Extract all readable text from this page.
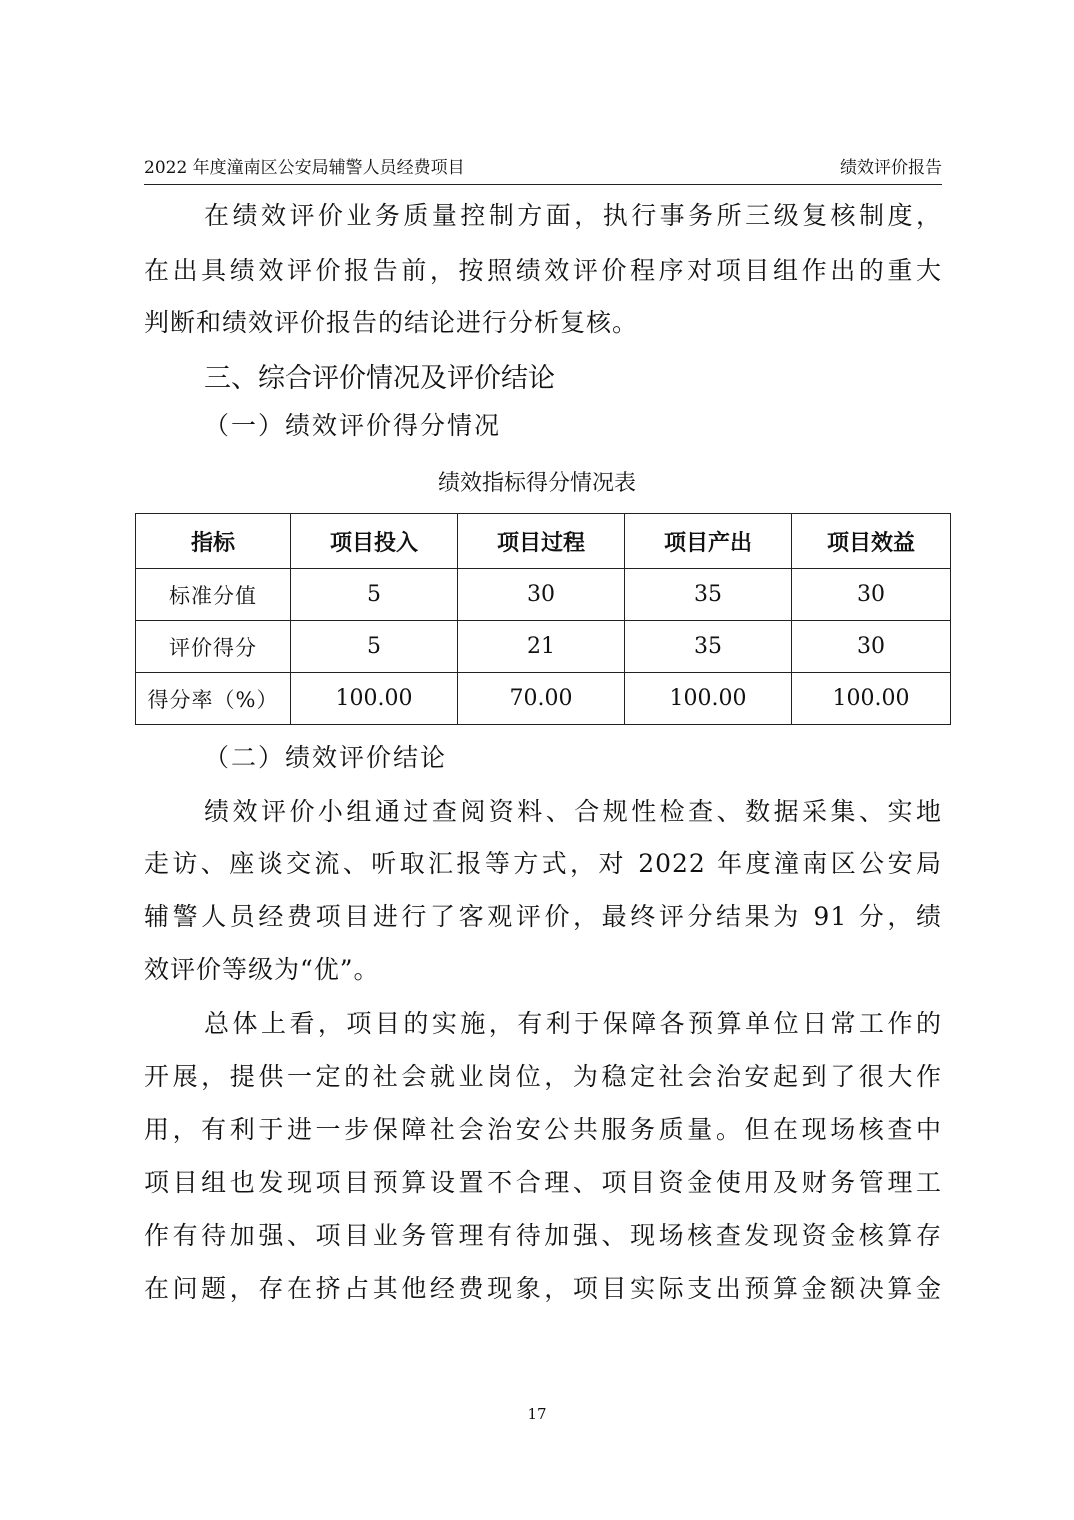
2022 年度潼南区公安局辅警人员经费项目	绩效评价报告
在绩效评价业务质量控制方面，执行事务所三级复核制度，
在出具绩效评价报告前，按照绩效评价程序对项目组作出的重大
判断和绩效评价报告的结论进行分析复核。
三、综合评价情况及评价结论
（一）绩效评价得分情况
绩效指标得分情况表
指标	项目投入	项目过程	项目产出	项目效益
标准分值	5	30	35	30
评价得分	5	21	35	30
得分率（%）	100.00	70.00	100.00	100.00
（二）绩效评价结论
绩效评价小组通过查阅资料、合规性检查、数据采集、实地
走访、座谈交流、听取汇报等方式，对 2022 年度潼南区公安局
辅警人员经费项目进行了客观评价，最终评分结果为 91 分，绩
效评价等级为“优”。
总体上看，项目的实施，有利于保障各预算单位日常工作的
开展，提供一定的社会就业岗位，为稳定社会治安起到了很大作
用，有利于进一步保障社会治安公共服务质量。但在现场核查中
项目组也发现项目预算设置不合理、项目资金使用及财务管理工
作有待加强、项目业务管理有待加强、现场核查发现资金核算存
在问题，存在挤占其他经费现象，项目实际支出预算金额决算金
17
